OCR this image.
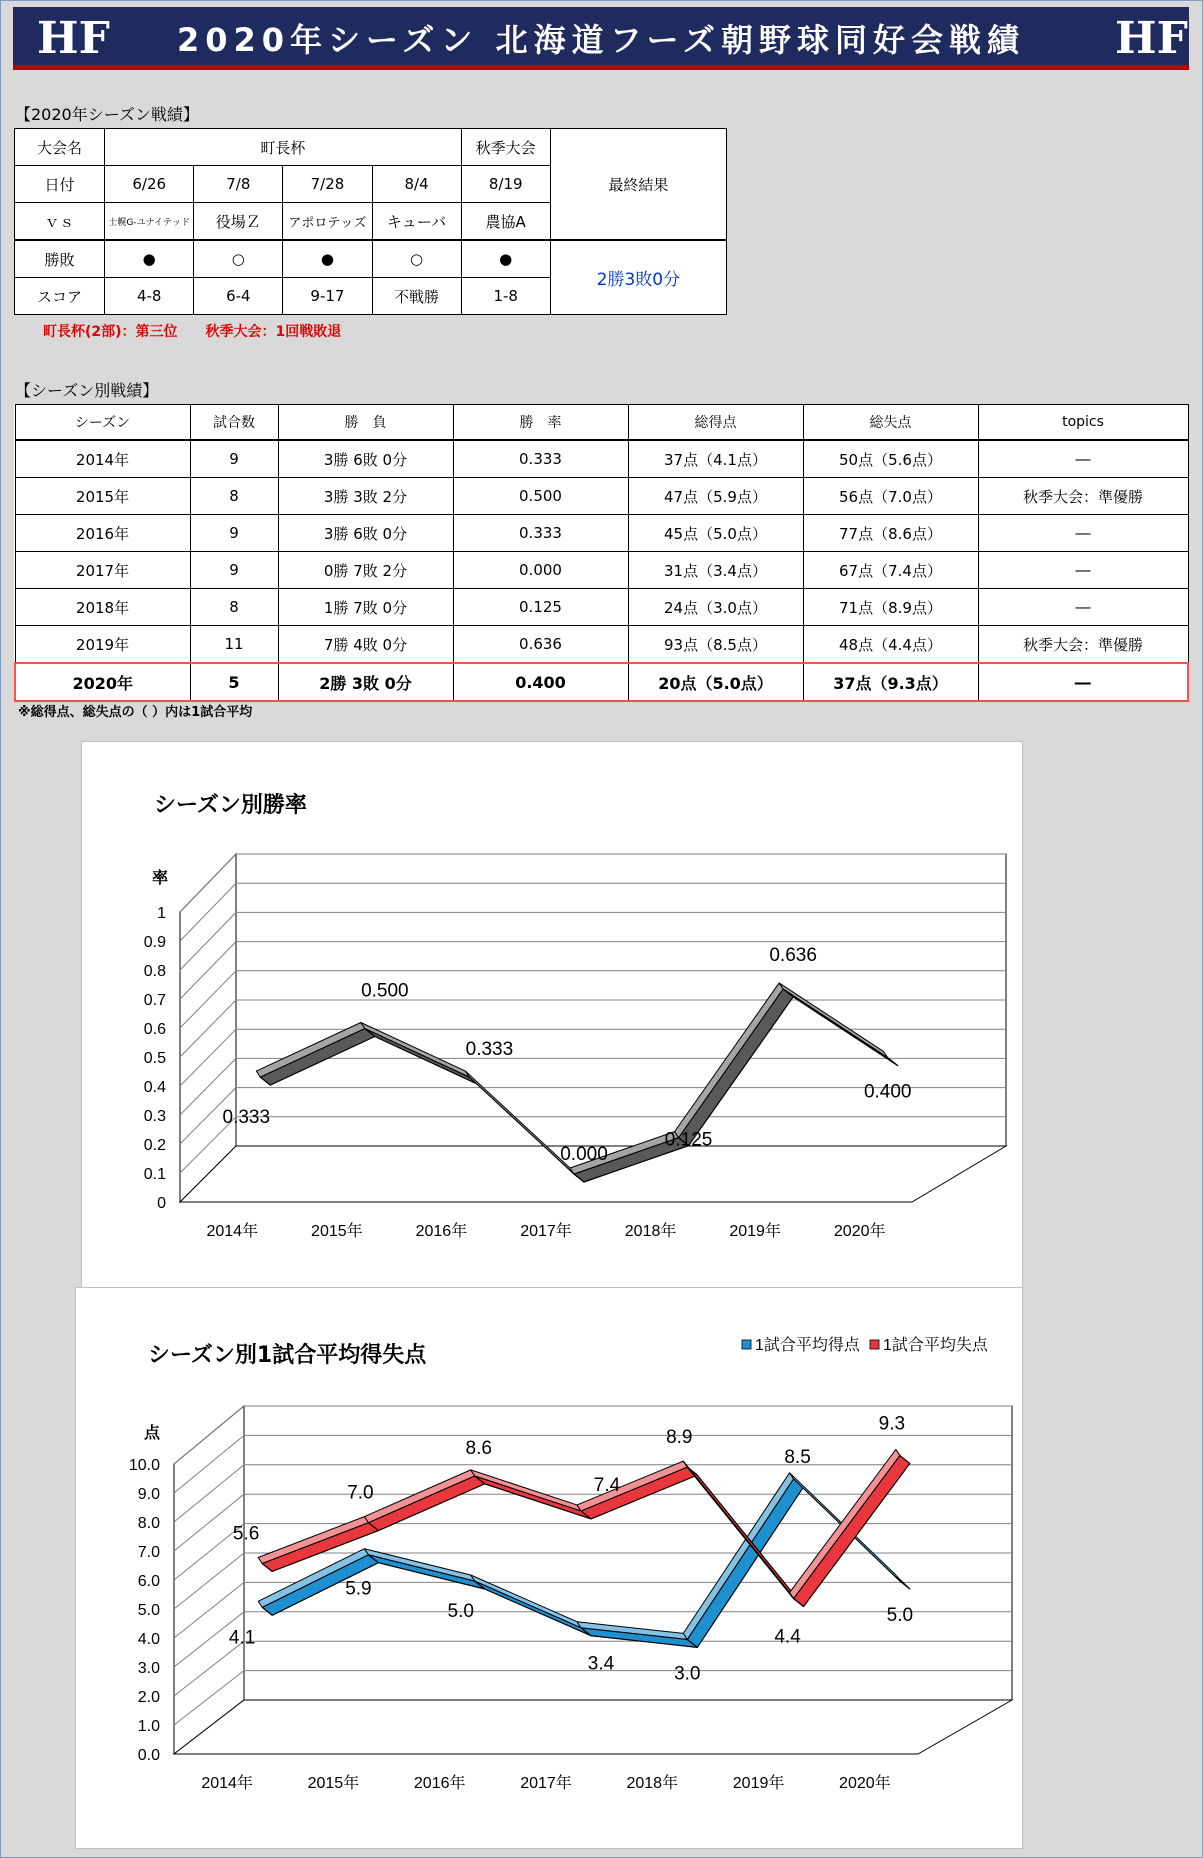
HF	2020年シーズン 北海道フーズ朝野球同好会戦績	HF
【2020年シーズン戦績】
大会名	町長杯				秋季大会	最終結果
日付	6/26	7/8	7/28	8/4	8/19	
ｖｓ	士幌G-ユナイテッド	役場Ｚ	アポロテッズ	キューバ	農協A	
勝敗	●	○	●	○	●	2勝3敗0分
スコア	4-8	6-4	9-17	不戦勝	1-8	
町長杯(2部)：第三位　　秋季大会：1回戦敗退
【シーズン別戦績】
シーズン	試合数	勝　負	勝　率	総得点	総失点	topics
2014年	9	3勝 6敗 0分	0.333	37点（4.1点）	50点（5.6点）	―
2015年	8	3勝 3敗 2分	0.500	47点（5.9点）	56点（7.0点）	秋季大会：準優勝
2016年	9	3勝 6敗 0分	0.333	45点（5.0点）	77点（8.6点）	―
2017年	9	0勝 7敗 2分	0.000	31点（3.4点）	67点（7.4点）	―
2018年	8	1勝 7敗 0分	0.125	24点（3.0点）	71点（8.9点）	―
2019年	11	7勝 4敗 0分	0.636	93点（8.5点）	48点（4.4点）	秋季大会：準優勝
2020年	5	2勝 3敗 0分	0.400	20点（5.0点）	37点（9.3点）	―
※総得点、総失点の（ ）内は1試合平均
シーズン別勝率
0
0.1
0.2
0.3
0.4
0.5
0.6
0.7
0.8
0.9
1
率
2014年	2015年	2016年	2017年	2018年	2019年	2020年
0.333
0.500
0.333
0.000
0.125
0.636
0.400
シーズン別1試合平均得失点
0.0
1.0
2.0
3.0
4.0
5.0
6.0
7.0
8.0
9.0
10.0
点
2014年	2015年	2016年	2017年	2018年	2019年	2020年
4.1
5.9
5.0
3.4	3.0
8.5
5.0
5.6
7.0
8.6
7.4
8.9
4.4
9.3
1試合平均得点 1試合平均失点
